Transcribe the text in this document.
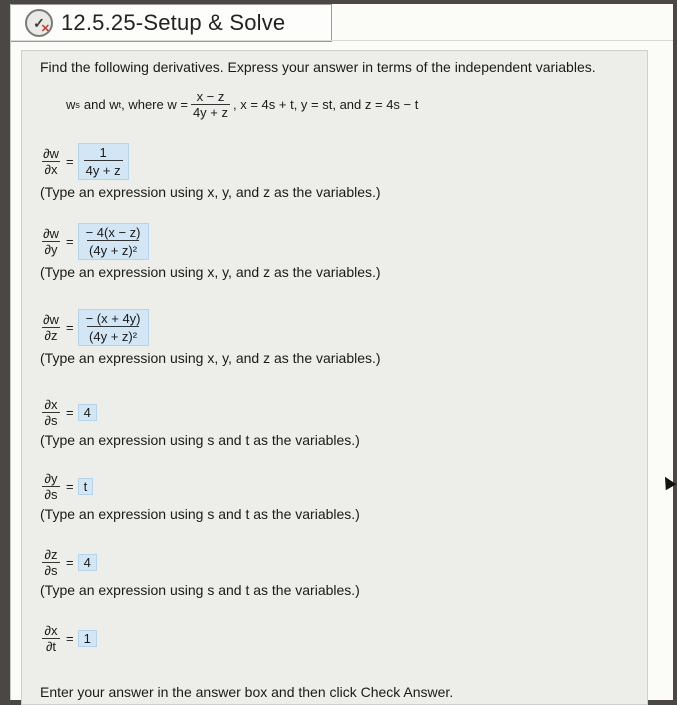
✓
✕ 12.5.25-Setup & Solve
Find the following derivatives. Express your answer in terms of the independent variables.
w s and w t , where $w = \frac{x - z}{4y + z}$ , x = 4s + t, y = st, and z = 4s − t
$\frac{\partial w}{\partial x} = \frac{1}{4y + z}$
(Type an expression using x, y, and z as the variables.)
$\frac{\partial w}{\partial y} = \frac{- 4(x - z)}{\text{(4y + z)²}}$
(Type an expression using x, y, and z as the variables.)
$\frac{\partial w}{\partial z} = \frac{- (x + 4y)}{\text{(4y + z)²}}$
(Type an expression using x, y, and z as the variables.)
$\frac{\partial x}{\partial s} = 4$
(Type an expression using s and t as the variables.)
$\frac{\partial y}{\partial s} = t$
(Type an expression using s and t as the variables.)
$\frac{\partial z}{\partial s} = 4$
(Type an expression using s and t as the variables.)
$\frac{\partial x}{\partial t} = 1$
Enter your answer in the answer box and then click Check Answer.
